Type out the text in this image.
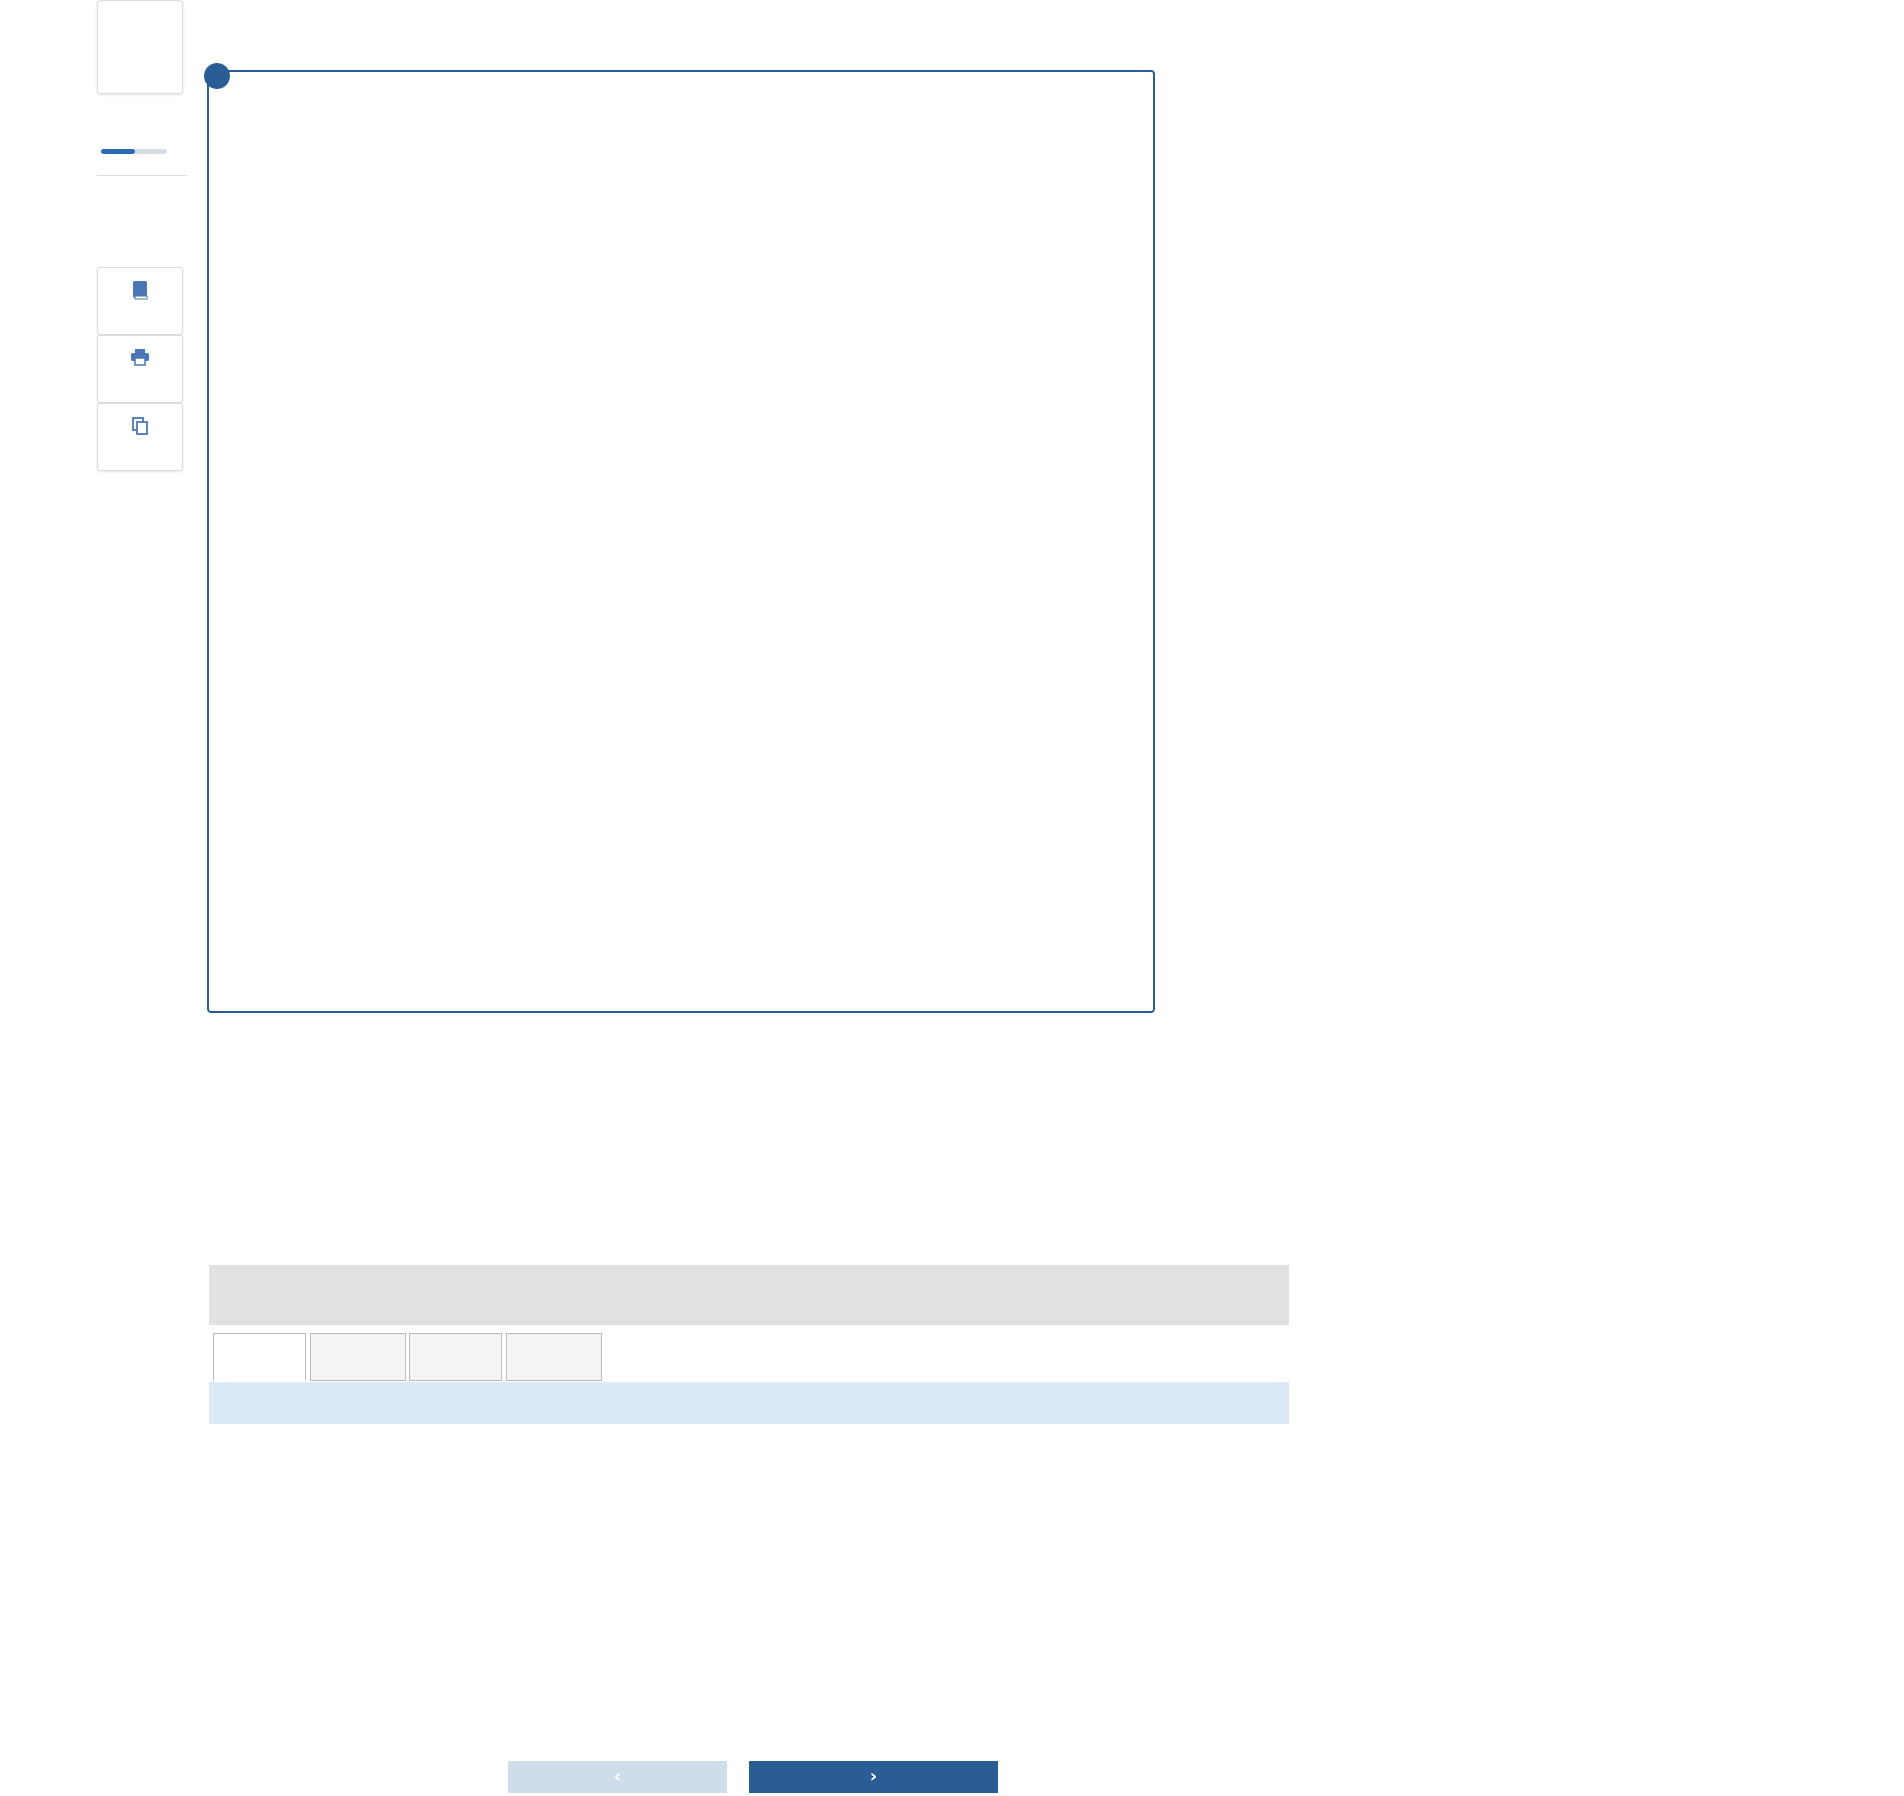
‹	›
